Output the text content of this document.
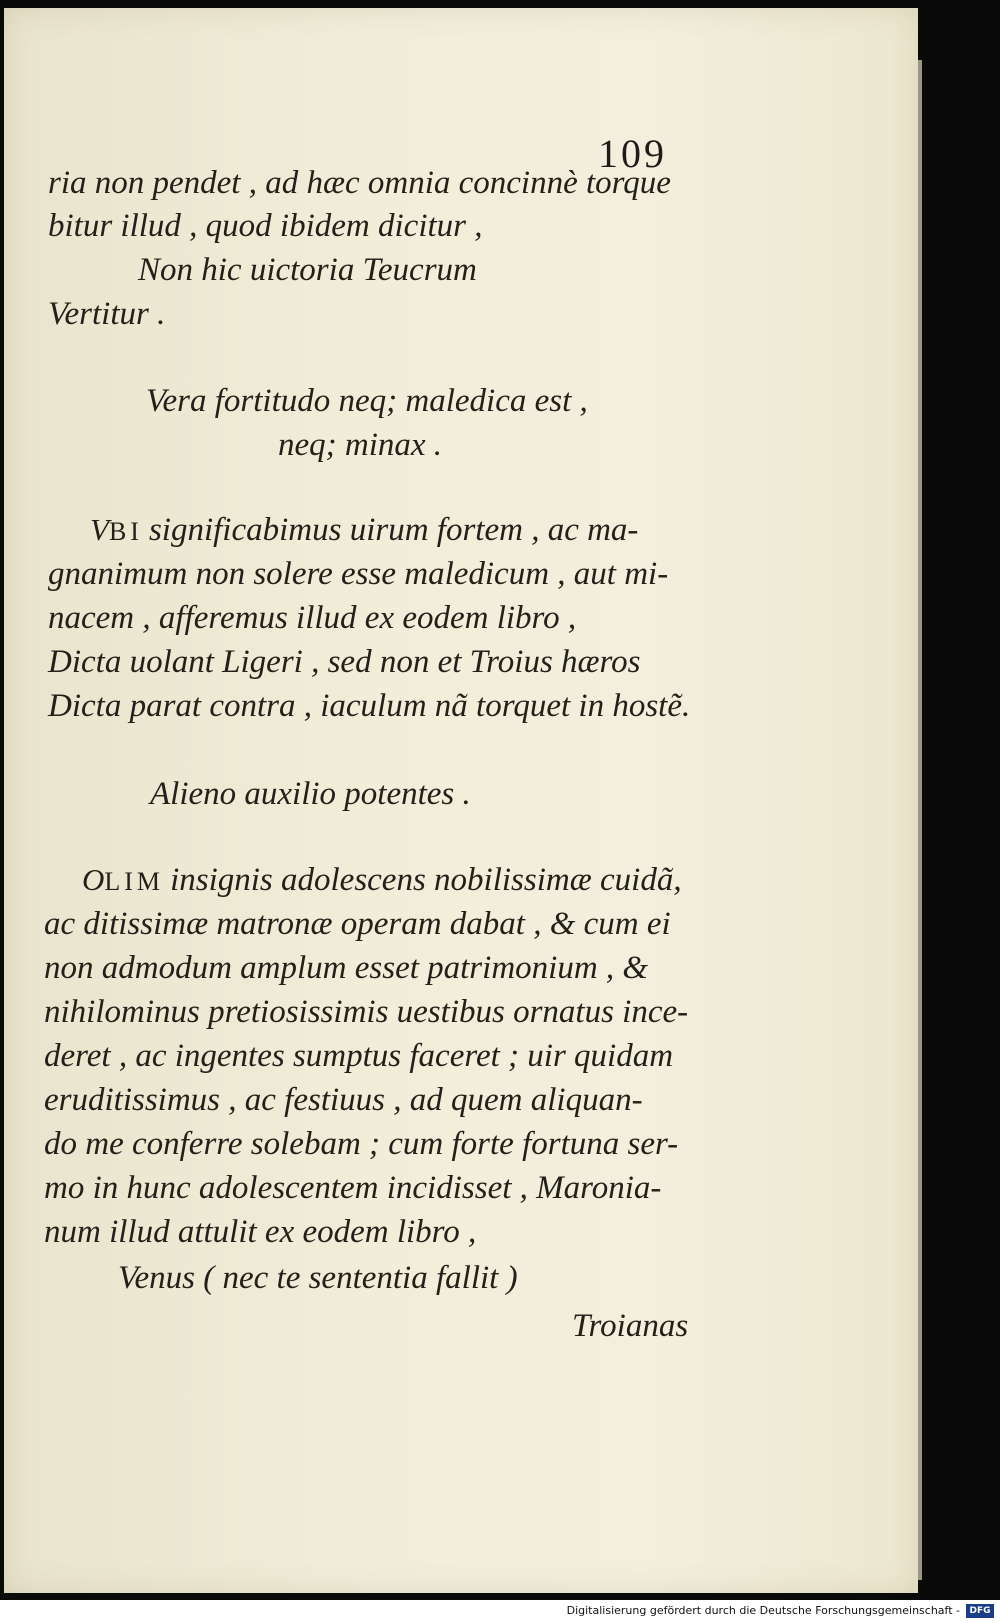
109
ria non pendet , ad hæc omnia concinnè torque
bitur illud , quod ibidem dicitur ,
Non hic uictoria Teucrum
Vertitur .
Vera fortitudo neq; maledica est ,
neq; minax .
VBI significabimus uirum fortem , ac ma-
gnanimum non solere esse maledicum , aut mi-
nacem , afferemus illud ex eodem libro ,
Dicta uolant Ligeri , sed non et Troius hæros
Dicta parat contra , iaculum nã torquet in hostẽ.
Alieno auxilio potentes .
OLIM insignis adolescens nobilissimæ cuidã,
ac ditissimæ matronæ operam dabat , & cum ei
non admodum amplum esset patrimonium , &
nihilominus pretiosissimis uestibus ornatus ince-
deret , ac ingentes sumptus faceret ; uir quidam
eruditissimus , ac festiuus , ad quem aliquan-
do me conferre solebam ; cum forte fortuna ser-
mo in hunc adolescentem incidisset , Maronia-
num illud attulit ex eodem libro ,
Venus ( nec te sententia fallit )
Troianas
Digitalisierung gefördert durch die Deutsche Forschungsgemeinschaft -	DFG
